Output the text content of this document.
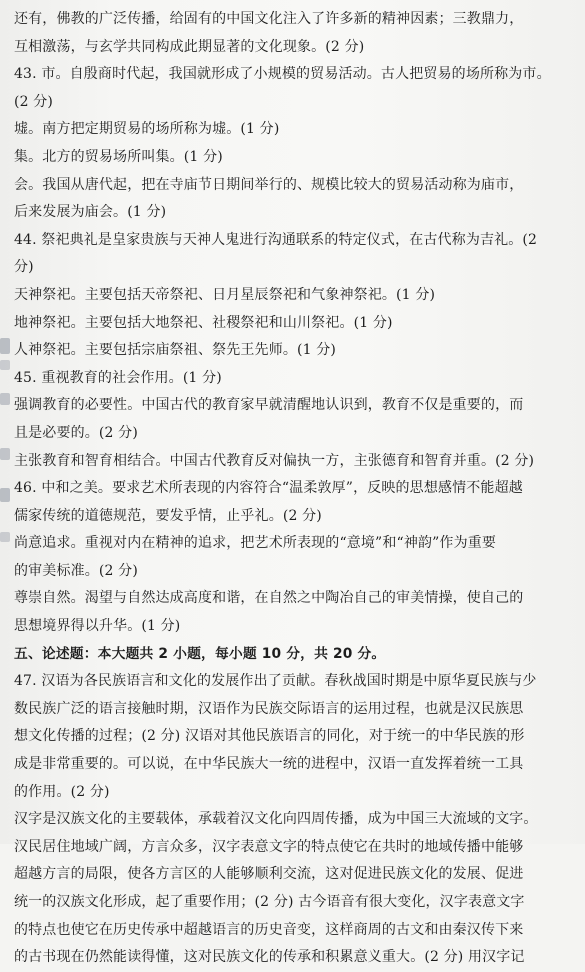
还有，佛教的广泛传播，给固有的中国文化注入了许多新的精神因素；三教鼎力，
互相激荡，与玄学共同构成此期显著的文化现象。(2 分)
43. 市。自殷商时代起，我国就形成了小规模的贸易活动。古人把贸易的场所称为市。
(2 分)
墟。南方把定期贸易的场所称为墟。(1 分)
集。北方的贸易场所叫集。(1 分)
会。我国从唐代起，把在寺庙节日期间举行的、规模比较大的贸易活动称为庙市，
后来发展为庙会。(1 分)
44. 祭祀典礼是皇家贵族与天神人鬼进行沟通联系的特定仪式，在古代称为吉礼。(2
分)
天神祭祀。主要包括天帝祭祀、日月星辰祭祀和气象神祭祀。(1 分)
地神祭祀。主要包括大地祭祀、社稷祭祀和山川祭祀。(1 分)
人神祭祀。主要包括宗庙祭祖、祭先王先师。(1 分)
45. 重视教育的社会作用。(1 分)
强调教育的必要性。中国古代的教育家早就清醒地认识到，教育不仅是重要的，而
且是必要的。(2 分)
主张教育和智育相结合。中国古代教育反对偏执一方，主张德育和智育并重。(2 分)
46. 中和之美。要求艺术所表现的内容符合“温柔敦厚”，反映的思想感情不能超越
儒家传统的道德规范，要发乎情，止乎礼。(2 分)
尚意追求。重视对内在精神的追求，把艺术所表现的“意境”和“神韵”作为重要
的审美标准。(2 分)
尊崇自然。渴望与自然达成高度和谐，在自然之中陶冶自己的审美情操，使自己的
思想境界得以升华。(1 分)
五、论述题：本大题共 2 小题，每小题 10 分，共 20 分。
47. 汉语为各民族语言和文化的发展作出了贡献。春秋战国时期是中原华夏民族与少
数民族广泛的语言接触时期，汉语作为民族交际语言的运用过程，也就是汉民族思
想文化传播的过程；(2 分) 汉语对其他民族语言的同化，对于统一的中华民族的形
成是非常重要的。可以说，在中华民族大一统的进程中，汉语一直发挥着统一工具
的作用。(2 分)
汉字是汉族文化的主要载体，承载着汉文化向四周传播，成为中国三大流域的文字。
汉民居住地域广阔，方言众多，汉字表意文字的特点使它在共时的地域传播中能够
超越方言的局限，使各方言区的人能够顺利交流，这对促进民族文化的发展、促进
统一的汉族文化形成，起了重要作用；(2 分) 古今语音有很大变化，汉字表意文字
的特点也使它在历史传承中超越语言的历史音变，这样商周的古文和由秦汉传下来
的古书现在仍然能读得懂，这对民族文化的传承和积累意义重大。(2 分) 用汉字记
